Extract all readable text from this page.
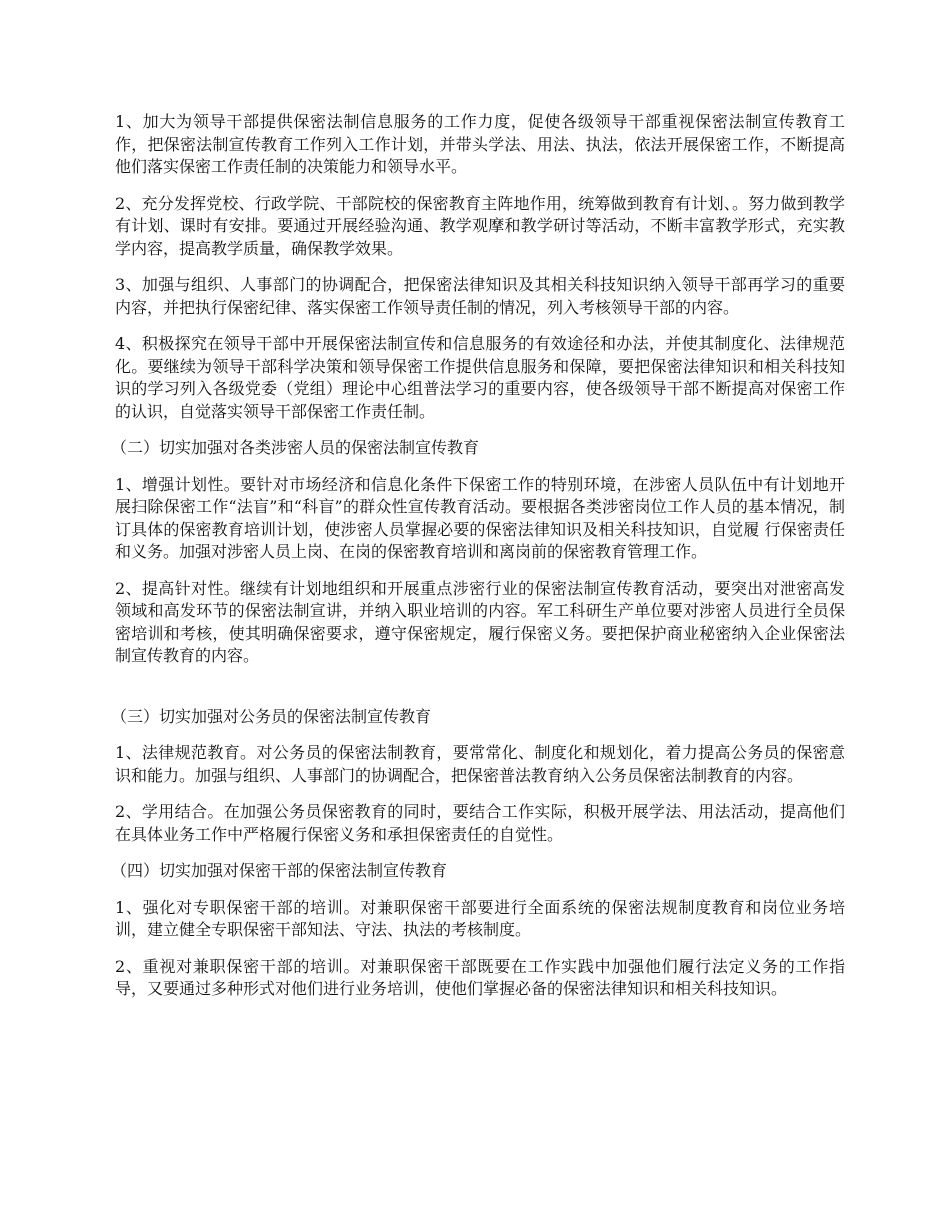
1、加大为领导干部提供保密法制信息服务的工作力度，促使各级领导干部重视保密法制宣传教育工作，把保密法制宣传教育工作列入工作计划，并带头学法、用法、执法，依法开展保密工作，不断提高他们落实保密工作责任制的决策能力和领导水平。

2、充分发挥党校、行政学院、干部院校的保密教育主阵地作用，统筹做到教育有计划、。努力做到教学有计划、课时有安排。要通过开展经验沟通、教学观摩和教学研讨等活动，不断丰富教学形式，充实教学内容，提高教学质量，确保教学效果。

3、加强与组织、人事部门的协调配合，把保密法律知识及其相关科技知识纳入领导干部再学习的重要内容，并把执行保密纪律、落实保密工作领导责任制的情况，列入考核领导干部的内容。

4、积极探究在领导干部中开展保密法制宣传和信息服务的有效途径和办法，并使其制度化、法律规范化。要继续为领导干部科学决策和领导保密工作提供信息服务和保障，要把保密法律知识和相关科技知识的学习列入各级党委（党组）理论中心组普法学习的重要内容，使各级领导干部不断提高对保密工作的认识，自觉落实领导干部保密工作责任制。

（二）切实加强对各类涉密人员的保密法制宣传教育

1、增强计划性。要针对市场经济和信息化条件下保密工作的特别环境，在涉密人员队伍中有计划地开展扫除保密工作“法盲”和“科盲”的群众性宣传教育活动。要根据各类涉密岗位工作人员的基本情况，制订具体的保密教育培训计划，使涉密人员掌握必要的保密法律知识及相关科技知识，自觉履 行保密责任和义务。加强对涉密人员上岗、在岗的保密教育培训和离岗前的保密教育管理工作。

2、提高针对性。继续有计划地组织和开展重点涉密行业的保密法制宣传教育活动，要突出对泄密高发领域和高发环节的保密法制宣讲，并纳入职业培训的内容。军工科研生产单位要对涉密人员进行全员保密培训和考核，使其明确保密要求，遵守保密规定，履行保密义务。要把保护商业秘密纳入企业保密法制宣传教育的内容。

（三）切实加强对公务员的保密法制宣传教育

1、法律规范教育。对公务员的保密法制教育，要常常化、制度化和规划化，着力提高公务员的保密意识和能力。加强与组织、人事部门的协调配合，把保密普法教育纳入公务员保密法制教育的内容。

2、学用结合。在加强公务员保密教育的同时，要结合工作实际，积极开展学法、用法活动，提高他们在具体业务工作中严格履行保密义务和承担保密责任的自觉性。

（四）切实加强对保密干部的保密法制宣传教育

1、强化对专职保密干部的培训。对兼职保密干部要进行全面系统的保密法规制度教育和岗位业务培训，建立健全专职保密干部知法、守法、执法的考核制度。

2、重视对兼职保密干部的培训。对兼职保密干部既要在工作实践中加强他们履行法定义务的工作指导，又要通过多种形式对他们进行业务培训，使他们掌握必备的保密法律知识和相关科技知识。
